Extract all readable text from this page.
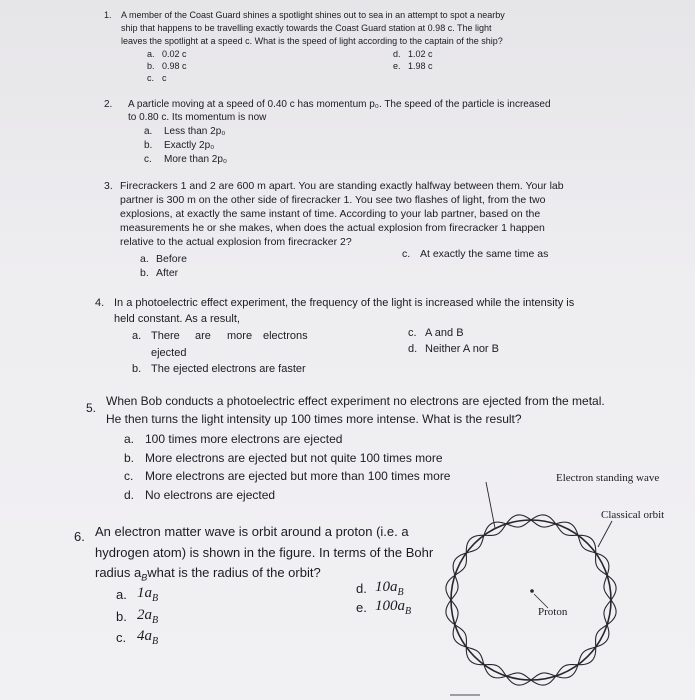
1. A member of the Coast Guard shines a spotlight shines out to sea in an attempt to spot a nearby
ship that happens to be travelling exactly towards the Coast Guard station at 0.98 c. The light
leaves the spotlight at a speed c. What is the speed of light according to the captain of the ship?
a. 0.02 c
b. 0.98 c
c. c
d. 1.02 c
e. 1.98 c
2. A particle moving at a speed of 0.40 c has momentum p₀. The speed of the particle is increased
to 0.80 c. Its momentum is now
a. Less than 2p₀
b. Exactly 2p₀
c. More than 2p₀
3. Firecrackers 1 and 2 are 600 m apart. You are standing exactly halfway between them. Your lab
partner is 300 m on the other side of firecracker 1. You see two flashes of light, from the two
explosions, at exactly the same instant of time. According to your lab partner, based on the
measurements he or she makes, when does the actual explosion from firecracker 1 happen
relative to the actual explosion from firecracker 2?
a. Before
b. After
c. At exactly the same time as
4. In a photoelectric effect experiment, the frequency of the light is increased while the intensity is
held constant. As a result,
a. There are more electrons
ejected
b. The ejected electrons are faster
c. A and B
d. Neither A nor B
5. When Bob conducts a photoelectric effect experiment no electrons are ejected from the metal.
He then turns the light intensity up 100 times more intense. What is the result?
a. 100 times more electrons are ejected
b. More electrons are ejected but not quite 100 times more
c. More electrons are ejected but more than 100 times more
d. No electrons are ejected
6. An electron matter wave is orbit around a proton (i.e. a
hydrogen atom) is shown in the figure. In terms of the Bohr
radius $a_Bwhat$ is the radius of the orbit?
a. $1a_B$
b. $2a_B$
c. $4a_B$
d. $10a_B$
e. $100a_B$
Electron standing wave
Classical orbit
Proton
